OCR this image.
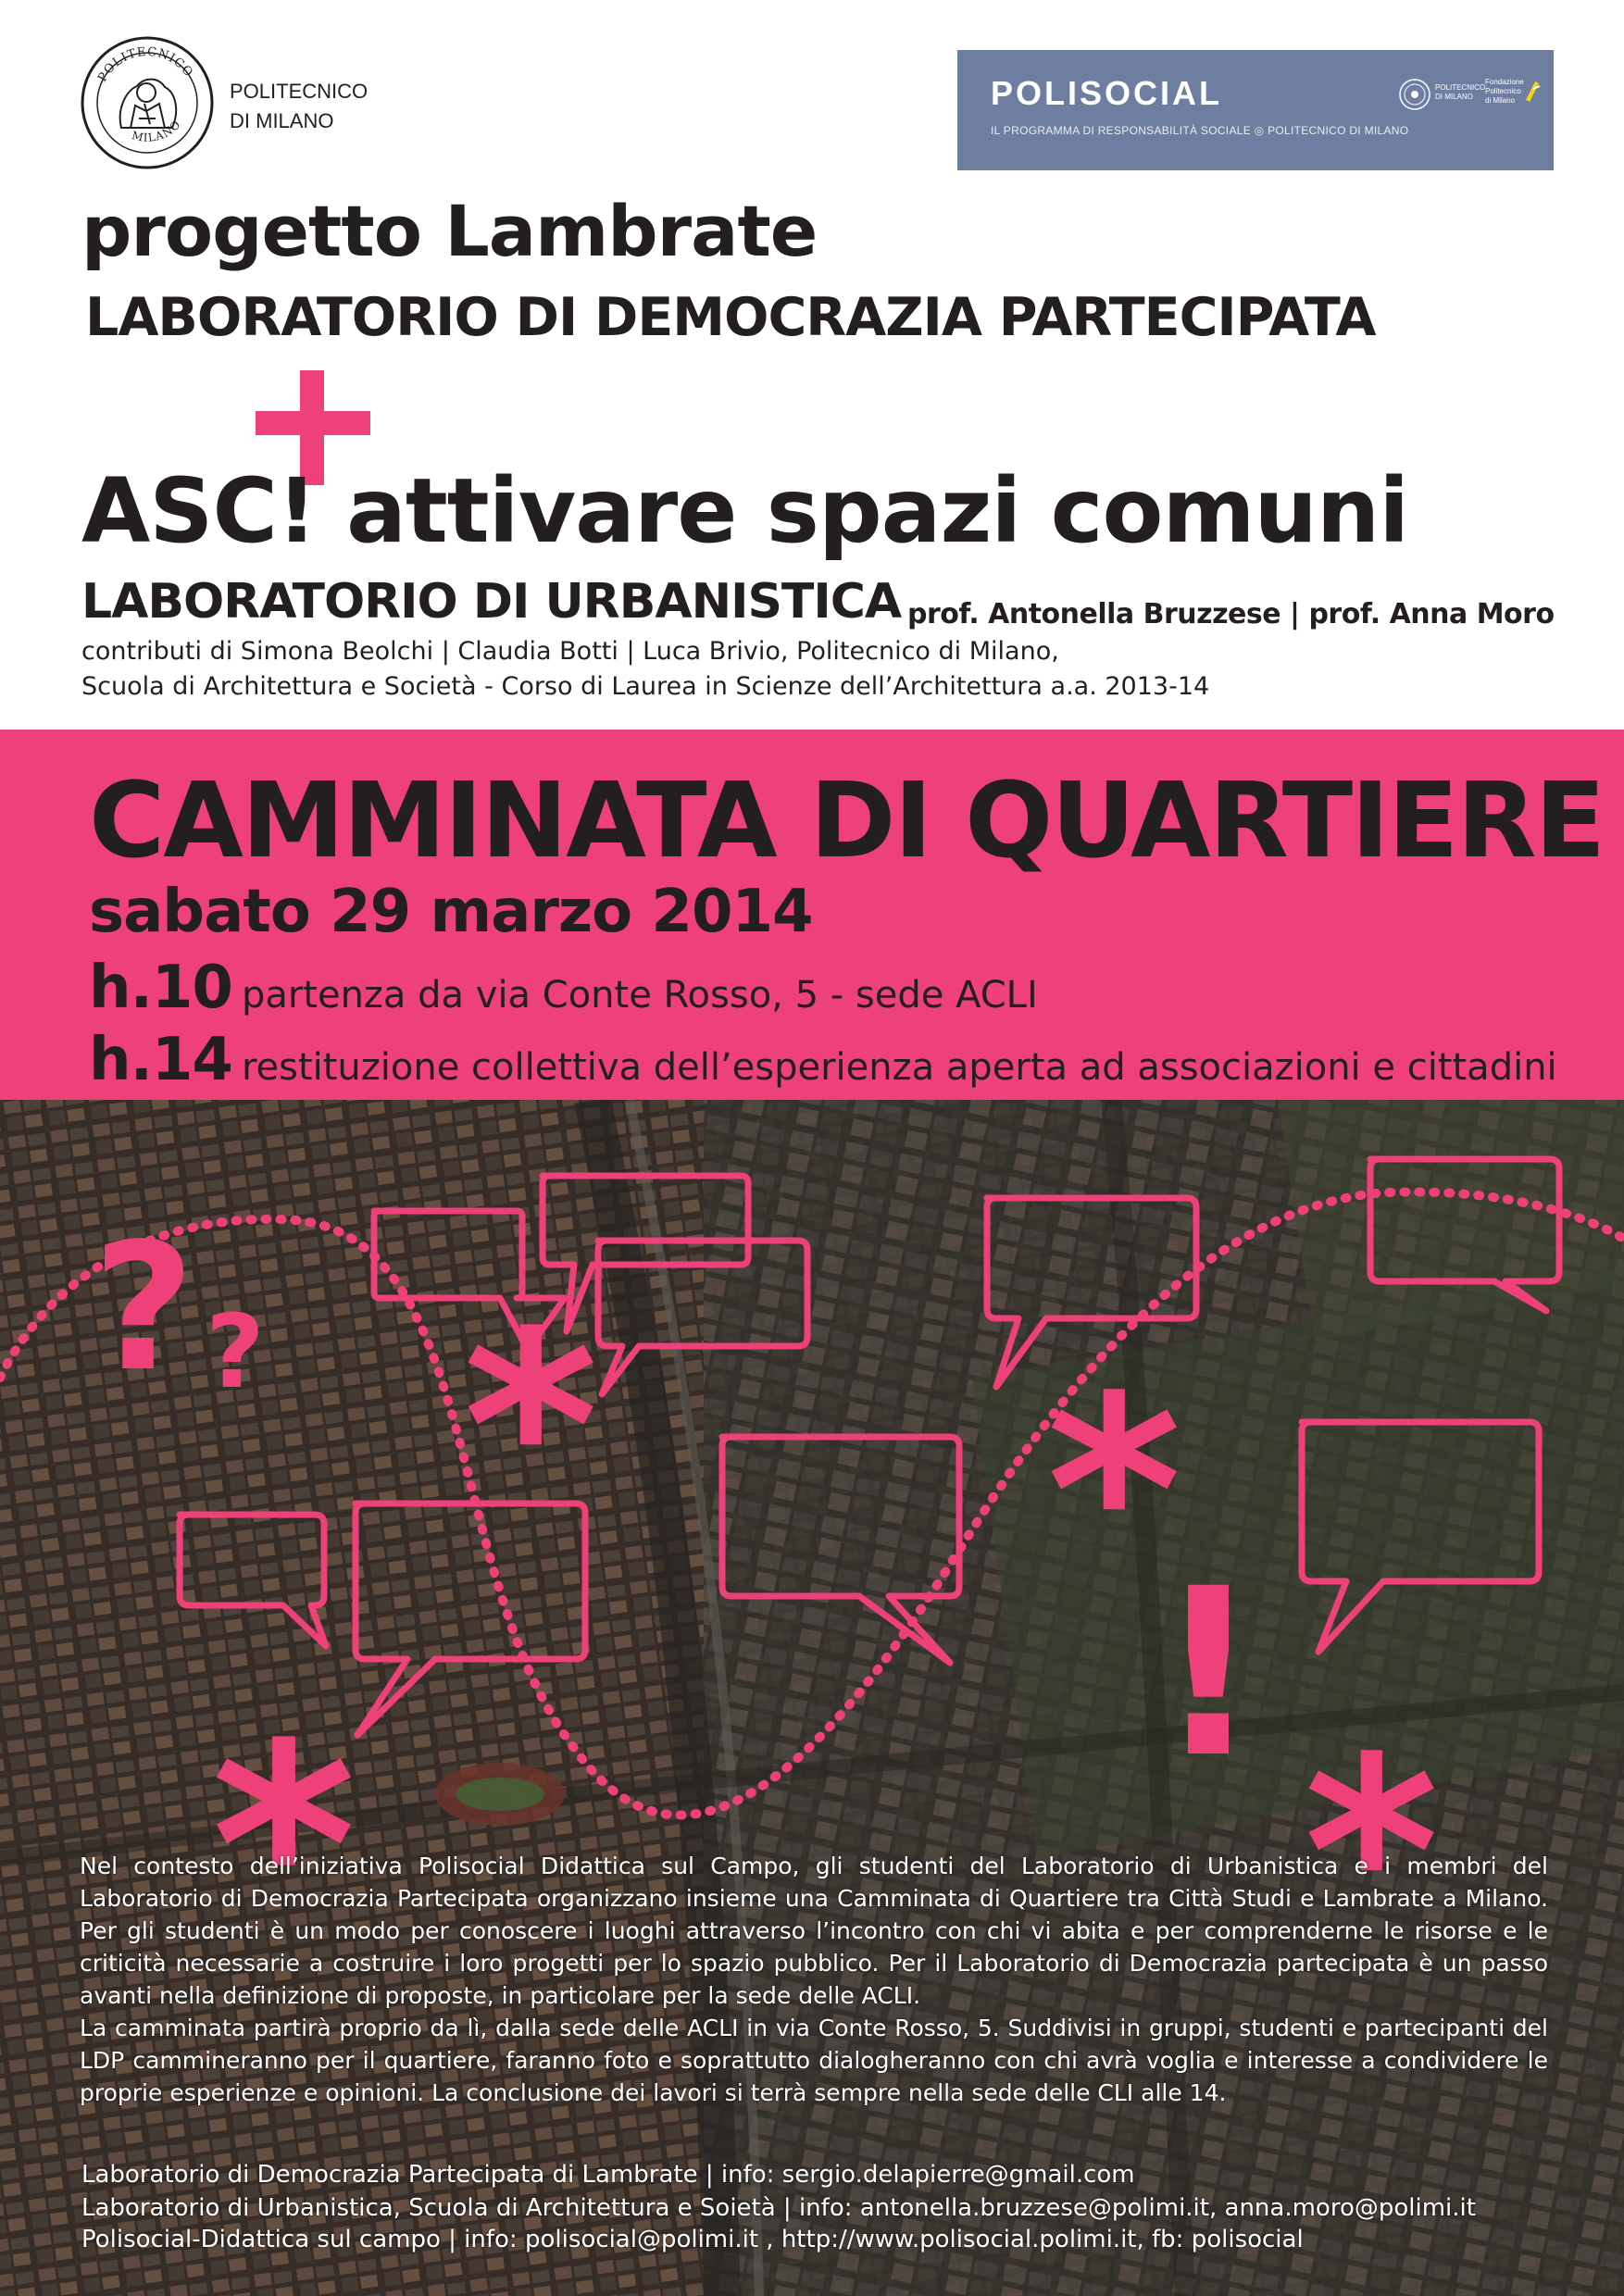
POLITECNICO
MILANO
POLITECNICO
DI MILANO
POLISOCIAL
IL PROGRAMMA DI RESPONSABILITÀ SOCIALE ◎ POLITECNICO DI MILANO
POLITECNICO
DI MILANO
Fondazione
Politecnico
di Milano
progetto Lambrate
LABORATORIO DI DEMOCRAZIA PARTECIPATA
ASC! attivare spazi comuni
LABORATORIO DI URBANISTICA prof. Antonella Bruzzese | prof. Anna Moro
contributi di Simona Beolchi | Claudia Botti | Luca Brivio, Politecnico di Milano,
Scuola di Architettura e Società - Corso di Laurea in Scienze dell’Architettura a.a. 2013-14
CAMMINATA DI QUARTIERE
sabato 29 marzo 2014
h.10 partenza da via Conte Rosso, 5 - sede ACLI
h.14 restituzione collettiva dell’esperienza aperta ad associazioni e cittadini
? ? * *
*	*
!

Nel contesto dell’iniziativa Polisocial Didattica sul Campo, gli studenti del Laboratorio di Urbanistica e i membri del Laboratorio di Democrazia Partecipata organizzano insieme una Camminata di Quartiere tra Città Studi e Lambrate a Milano. Per gli studenti è un modo per conoscere i luoghi attraverso l’incontro con chi vi abita e per comprenderne le risorse e le criticità necessarie a costruire i loro progetti per lo spazio pubblico. Per il Laboratorio di Democrazia partecipata è un passo avanti nella definizione di proposte, in particolare per la sede delle ACLI.

La camminata partirà proprio da lì, dalla sede delle ACLI in via Conte Rosso, 5. Suddivisi in gruppi, studenti e partecipanti del LDP cammineranno per il quartiere, faranno foto e soprattutto dialogheranno con chi avrà voglia e interesse a condividere le proprie esperienze e opinioni. La conclusione dei lavori si terrà sempre nella sede delle CLI alle 14.

Laboratorio di Democrazia Partecipata di Lambrate | info: sergio.delapierre@gmail.com
Laboratorio di Urbanistica, Scuola di Architettura e Soietà | info: antonella.bruzzese@polimi.it, anna.moro@polimi.it
Polisocial-Didattica sul campo | info: polisocial@polimi.it , http://www.polisocial.polimi.it, fb: polisocial
